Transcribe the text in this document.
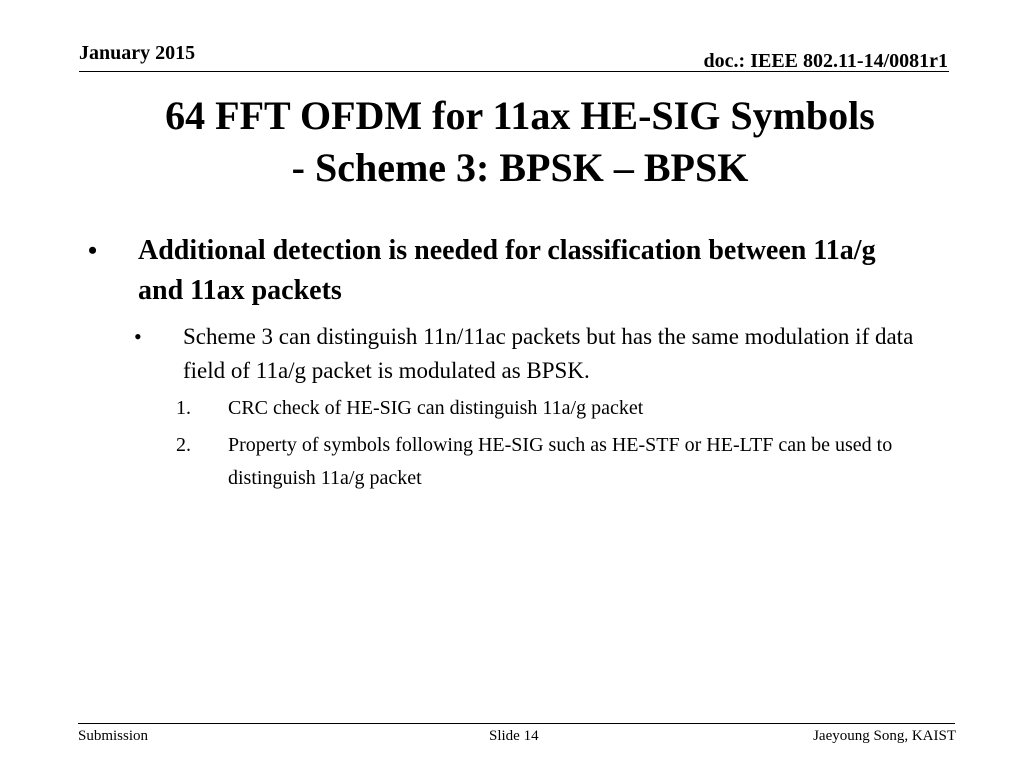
January 2015	doc.: IEEE 802.11-14/0081r1
64 FFT OFDM for 11ax HE-SIG Symbols
- Scheme 3: BPSK – BPSK
• Additional detection is needed for classification between 11a/g and 11ax packets
• Scheme 3 can distinguish 11n/11ac packets but has the same modulation if data field of 11a/g packet is modulated as BPSK.
1. CRC check of HE-SIG can distinguish 11a/g packet
2. Property of symbols following HE-SIG such as HE-STF or HE-LTF can be used to distinguish 11a/g packet
Submission	Slide 14	Jaeyoung Song, KAIST
